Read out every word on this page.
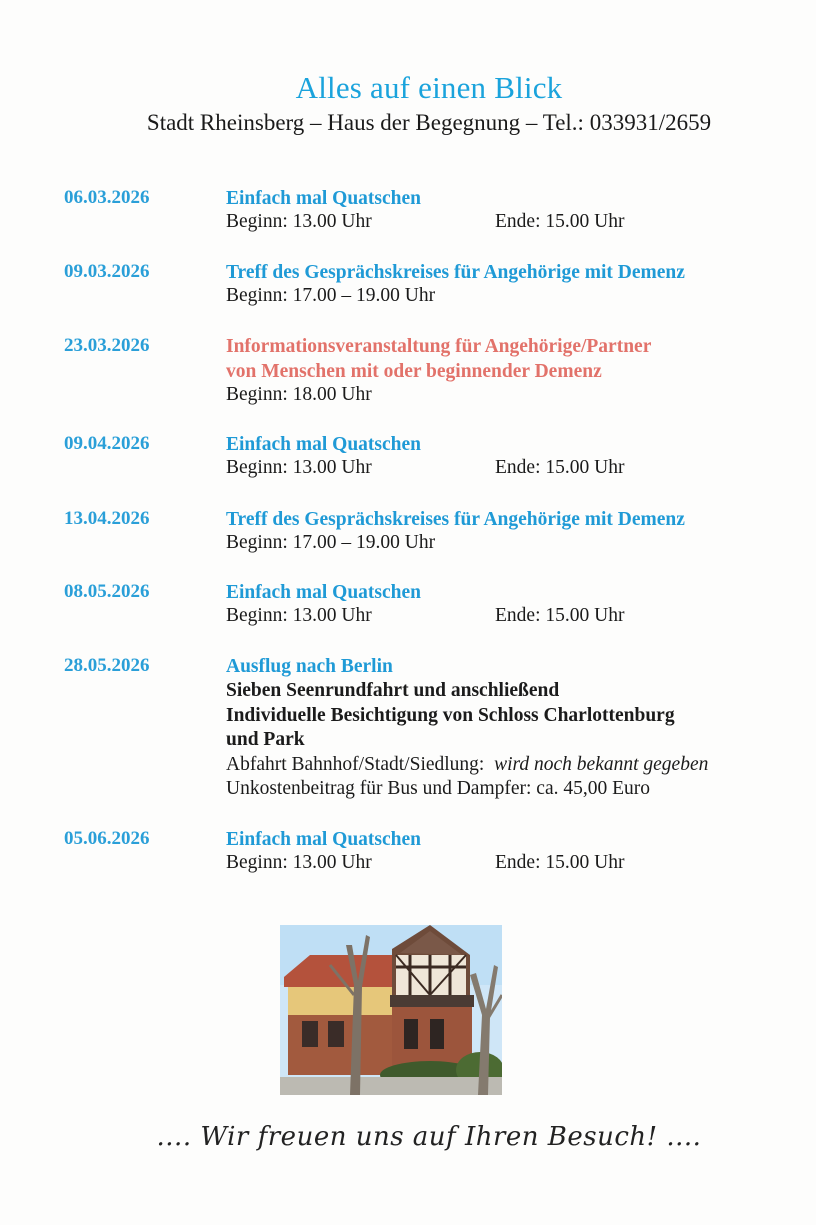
Alles auf einen Blick
Stadt Rheinsberg – Haus der Begegnung – Tel.: 033931/2659
06.03.2026	Einfach mal Quatschen
Beginn: 13.00 Uhr	Ende: 15.00 Uhr
09.03.2026	Treff des Gesprächskreises für Angehörige mit Demenz
Beginn: 17.00 – 19.00 Uhr
23.03.2026	Informationsveranstaltung für Angehörige/Partner
von Menschen mit oder beginnender Demenz
Beginn: 18.00 Uhr
09.04.2026	Einfach mal Quatschen
Beginn: 13.00 Uhr	Ende: 15.00 Uhr
13.04.2026	Treff des Gesprächskreises für Angehörige mit Demenz
Beginn: 17.00 – 19.00 Uhr
08.05.2026	Einfach mal Quatschen
Beginn: 13.00 Uhr	Ende: 15.00 Uhr
28.05.2026	Ausflug nach Berlin
Sieben Seenrundfahrt und anschließend
Individuelle Besichtigung von Schloss Charlottenburg
und Park
Abfahrt Bahnhof/Stadt/Siedlung: wird noch bekannt gegeben
Unkostenbeitrag für Bus und Dampfer: ca. 45,00 Euro
05.06.2026	Einfach mal Quatschen
Beginn: 13.00 Uhr	Ende: 15.00 Uhr
.... Wir freuen uns auf Ihren Besuch! ....
